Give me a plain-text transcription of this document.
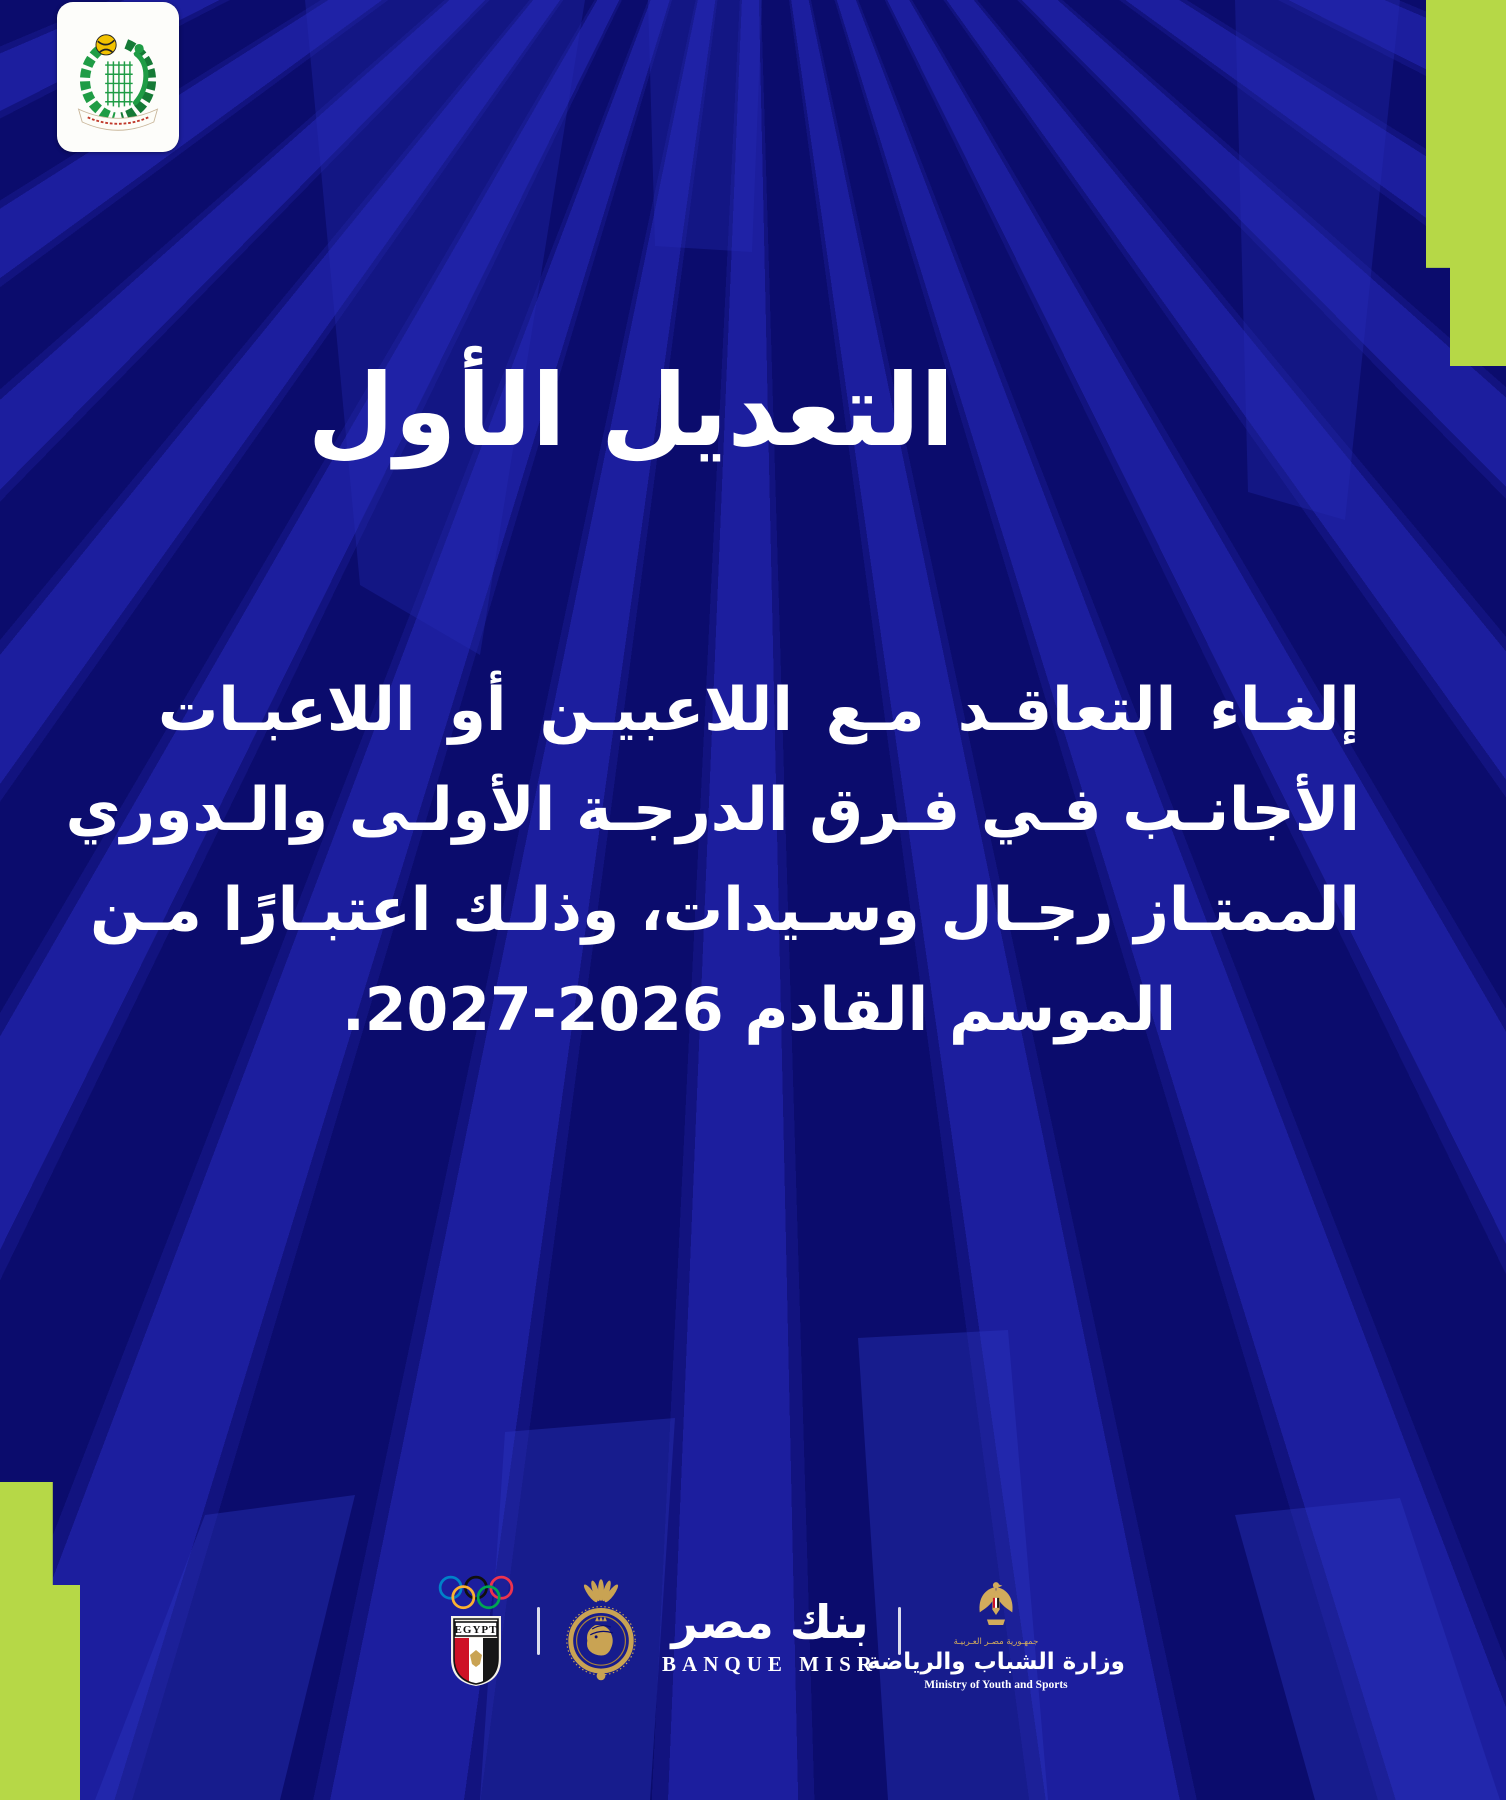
التعديل الأول
إلغـاء التعاقـد مـع اللاعبيـن أو اللاعبـات
الأجانـب فـي فـرق الدرجـة الأولـى والـدوري
الممتـاز رجـال وسـيدات، وذلـك اعتبـارًا مـن
الموسم القادم ⁦2027-2026⁩.
EGYPT	بنك مصر
BANQUE MISR
جمهـورية مصـر العـربيـة
وزارة الشباب والرياضة
Ministry of Youth and Sports
